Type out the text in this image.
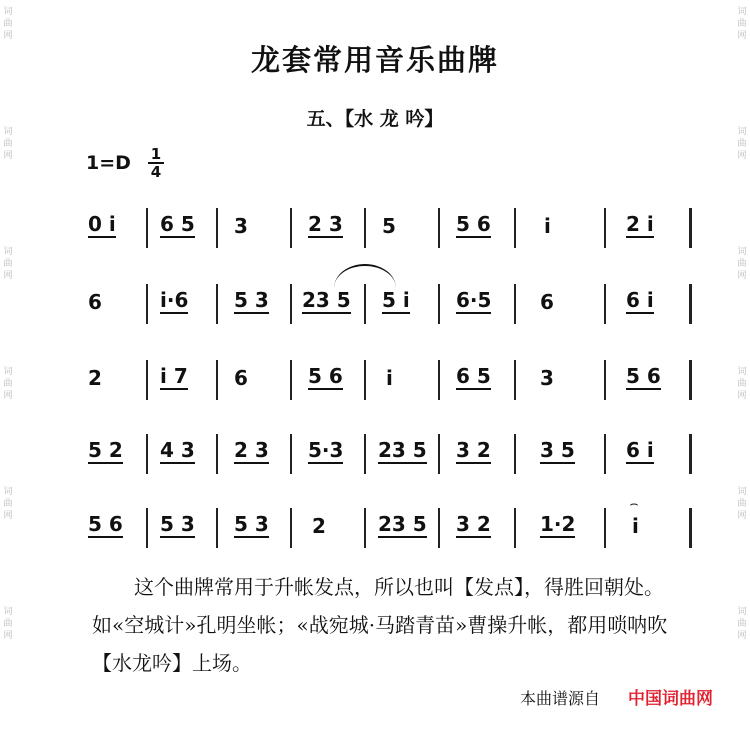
词
曲
网
词
曲
网
词
曲
网
词
曲
网
词
曲
网
词
曲
网
词
曲
网
词
曲
网
词
曲
网
词
曲
网
词
曲
网
词
曲
网
龙套常用音乐曲牌
五、【水 龙 吟】
$1=D \frac{1}{4}$
0 i 6 5 3	2 3 5	5 6	i	2 i
6	i·6 5 3 23 5 5 i 6·5 6	6 i
2	i 7 6	5 6 i	6 5 3	5 6
5 2 4 3 2 3 5·3 23 5 3 2 3 5	6 i
⌢
5 6 5 3 5 3 2	23 5 3 2 1·2	i
这个曲牌常用于升帐发点，所以也叫【发点】，得胜回朝处。如«空城计»孔明坐帐；«战宛城·马踏青苗»曹操升帐，都用唢呐吹【水龙吟】上场。
本曲谱源自 中国词曲网
